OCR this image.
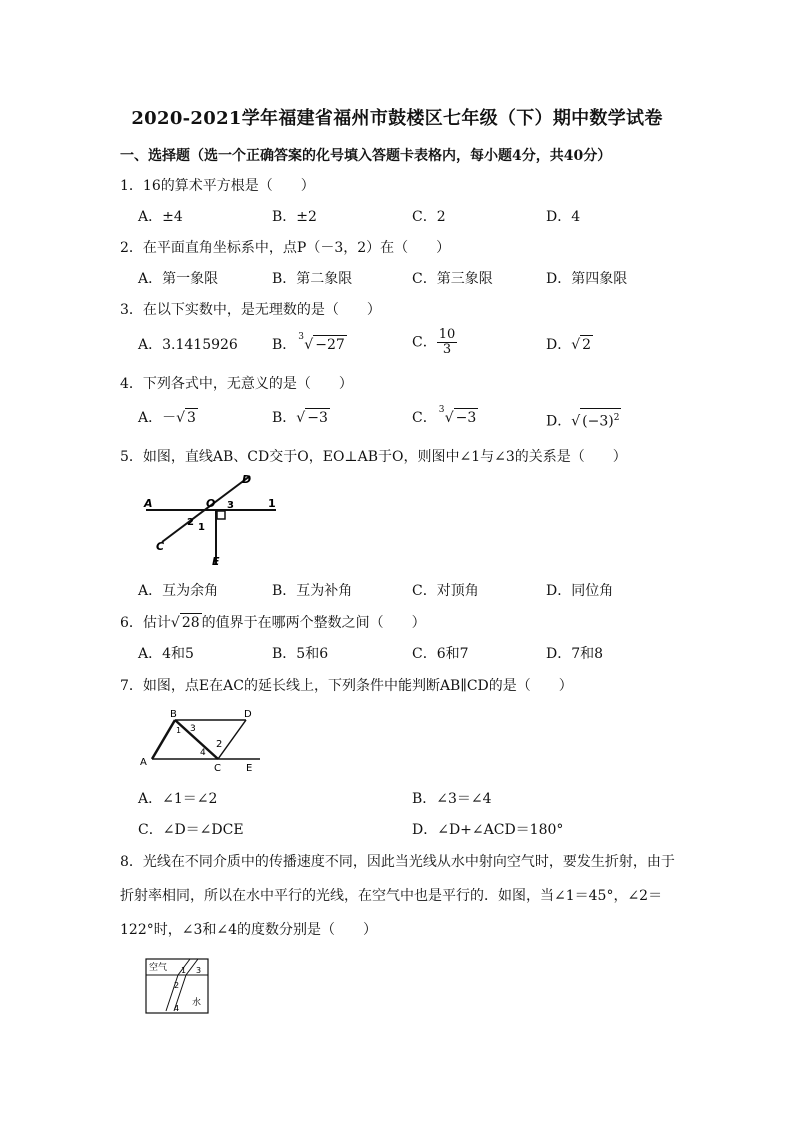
2020-2021学年福建省福州市鼓楼区七年级（下）期中数学试卷
一、选择题（选一个正确答案的化号填入答题卡表格内，每小题4分，共40分）
1．16的算术平方根是（　　）
A．±4	B．±2	C．2	D．4
2．在平面直角坐标系中，点P（－3，2）在（　　）
A．第一象限	B．第二象限	C．第三象限	D．第四象限
3．在以下实数中，是无理数的是（　　）
A．3.1415926 B． 3 √ −27	C． $\frac{10}{3}$	D．√ 2
4．下列各式中，无意义的是（　　）
A．－√ 3	B．√ −3	C． 3 √ −3	D．√ $(-3)^2$
5．如图，直线AB、CD交于O，EO⊥AB于O，则图中∠1与∠3的关系是（　　）
A	O
D
3	1
2 1
C
E
A．互为余角	B．互为补角	C．对顶角	D．同位角
6．估计√ 28 的值界于在哪两个整数之间（　　）
A．4和5	B．5和6	C．6和7	D．7和8
7．如图，点E在AC的延长线上，下列条件中能判断AB∥CD的是（　　）
B
1 3
D
2
4
A
C	E
A．∠1＝∠2	B．∠3＝∠4
C．∠D＝∠DCE	D．∠D+∠ACD＝180°
8．光线在不同介质中的传播速度不同，因此当光线从水中射向空气时，要发生折射，由于折射率相同，所以在水中平行的光线，在空气中也是平行的．如图，当∠1＝45°，∠2＝122°时，∠3和∠4的度数分别是（　　）
空气 1 3
2
水
4
